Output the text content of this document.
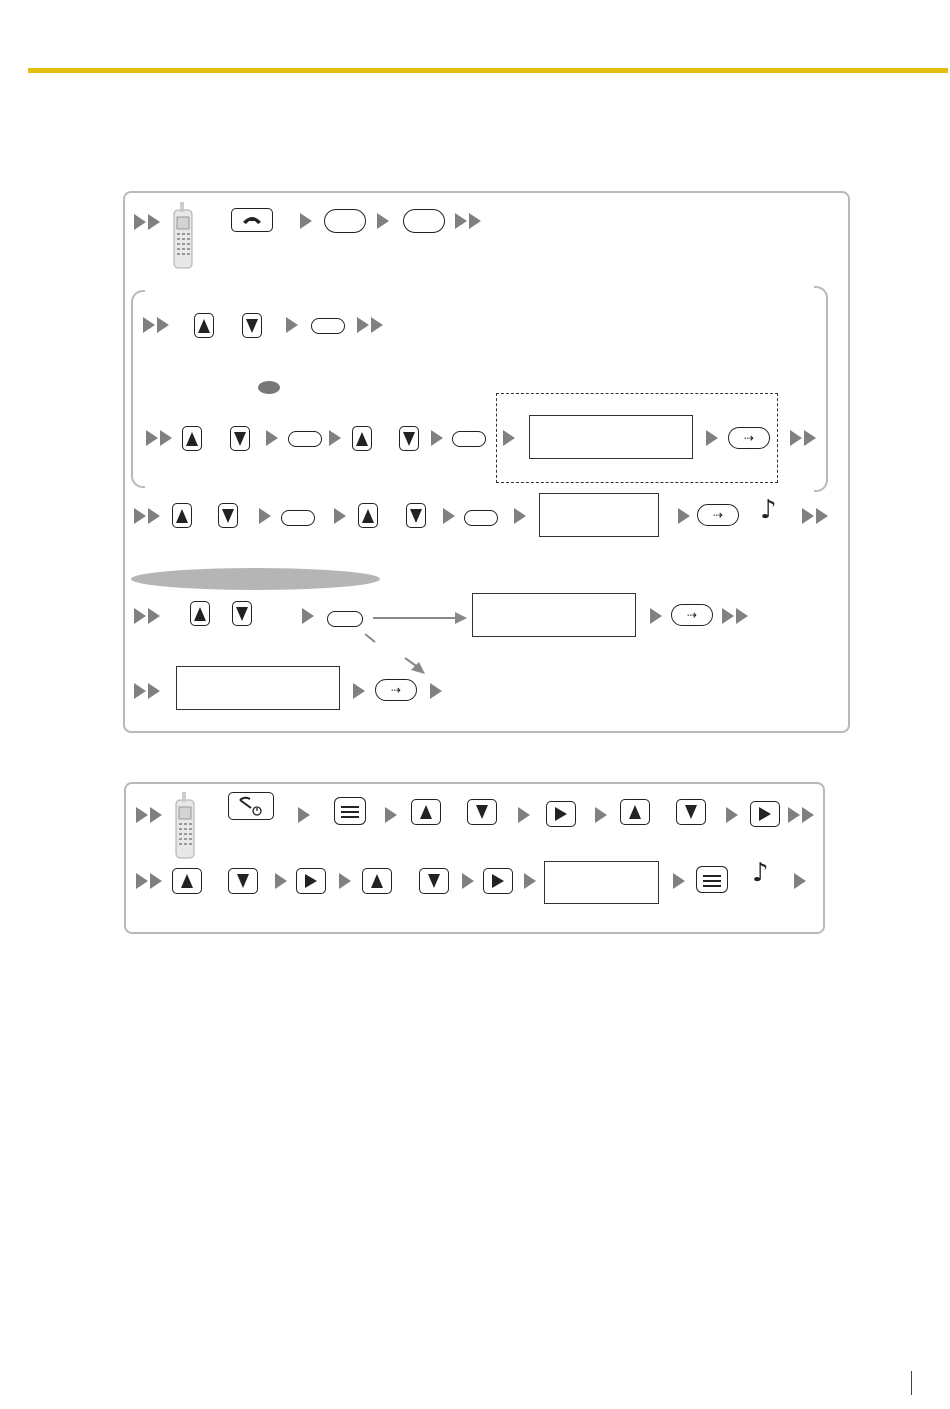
⇢
⇢	♪
⇢
⇢
♪
